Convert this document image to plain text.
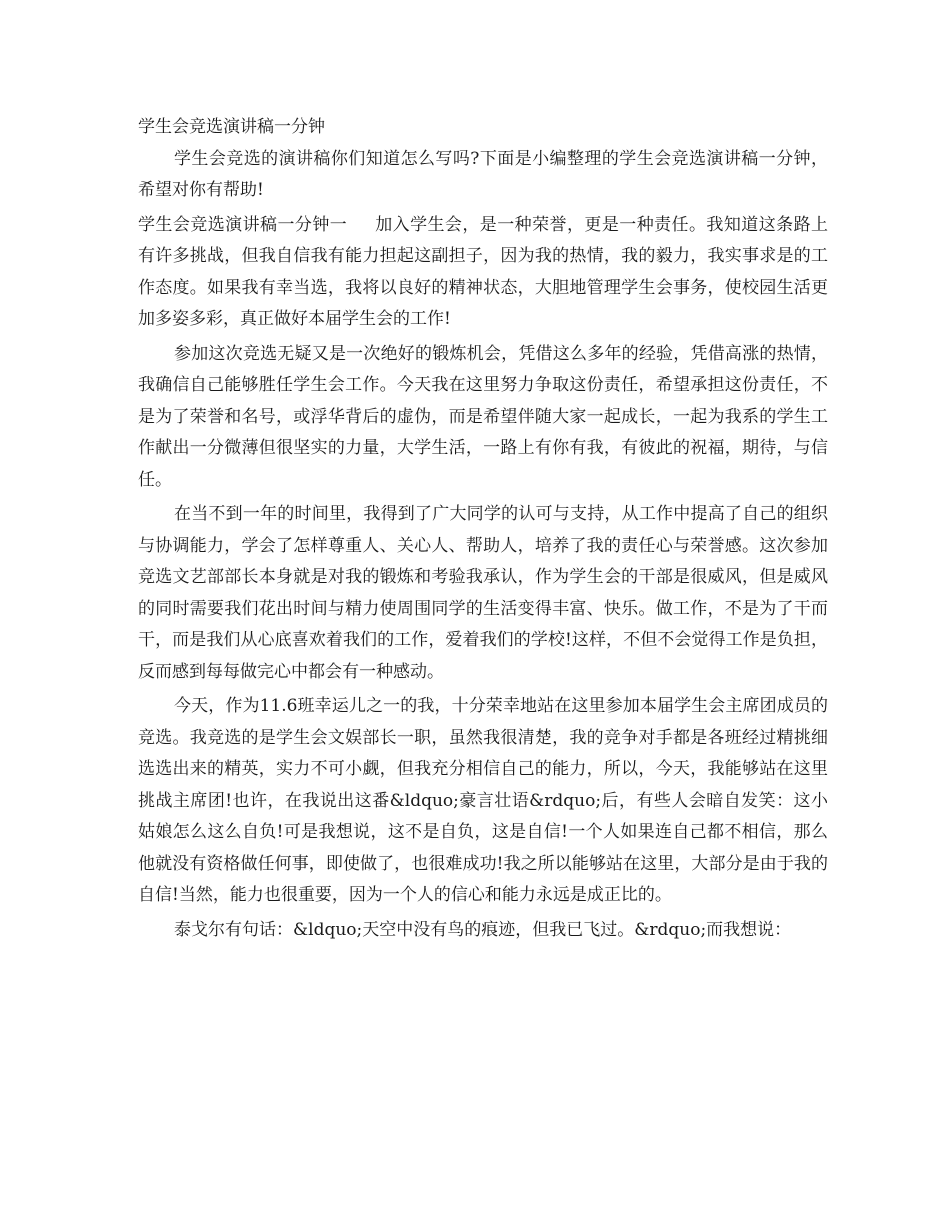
学生会竞选演讲稿一分钟

学生会竞选的演讲稿你们知道怎么写吗?下面是小编整理的学生会竞选演讲稿一分钟，希望对你有帮助!

学生会竞选演讲稿一分钟一 加入学生会，是一种荣誉，更是一种责任。我知道这条路上有许多挑战，但我自信我有能力担起这副担子，因为我的热情，我的毅力，我实事求是的工作态度。如果我有幸当选，我将以良好的精神状态，大胆地管理学生会事务，使校园生活更加多姿多彩，真正做好本届学生会的工作!

参加这次竞选无疑又是一次绝好的锻炼机会，凭借这么多年的经验，凭借高涨的热情，我确信自己能够胜任学生会工作。今天我在这里努力争取这份责任，希望承担这份责任，不是为了荣誉和名号，或浮华背后的虚伪，而是希望伴随大家一起成长，一起为我系的学生工作献出一分微薄但很坚实的力量，大学生活，一路上有你有我，有彼此的祝福，期待，与信任。

在当不到一年的时间里，我得到了广大同学的认可与支持，从工作中提高了自己的组织与协调能力，学会了怎样尊重人、关心人、帮助人，培养了我的责任心与荣誉感。这次参加竞选文艺部部长本身就是对我的锻炼和考验我承认，作为学生会的干部是很威风，但是威风的同时需要我们花出时间与精力使周围同学的生活变得丰富、快乐。做工作，不是为了干而干，而是我们从心底喜欢着我们的工作，爱着我们的学校!这样，不但不会觉得工作是负担，反而感到每每做完心中都会有一种感动。

今天，作为11.6班幸运儿之一的我，十分荣幸地站在这里参加本届学生会主席团成员的竞选。我竞选的是学生会文娱部长一职，虽然我很清楚，我的竞争对手都是各班经过精挑细选选出来的精英，实力不可小觑，但我充分相信自己的能力，所以，今天，我能够站在这里挑战主席团!也许，在我说出这番&ldquo;豪言壮语&rdquo;后，有些人会暗自发笑：这小姑娘怎么这么自负!可是我想说，这不是自负，这是自信!一个人如果连自己都不相信，那么他就没有资格做任何事，即使做了，也很难成功!我之所以能够站在这里，大部分是由于我的自信!当然，能力也很重要，因为一个人的信心和能力永远是成正比的。

泰戈尔有句话：&ldquo;天空中没有鸟的痕迹，但我已飞过。&rdquo;而我想说：
